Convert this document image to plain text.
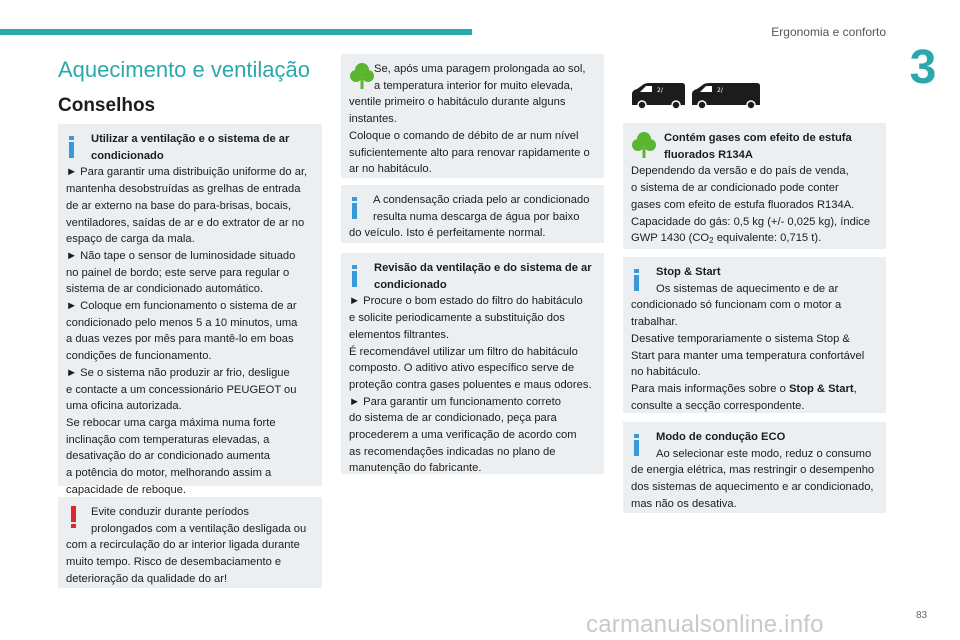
Ergonomia e conforto
3
Aquecimento e ventilação
Conselhos

Utilizar a ventilação e o sistema de ar condicionado

► Para garantir uma distribuição uniforme do ar,

mantenha desobstruídas as grelhas de entrada

de ar externo na base do para-brisas, bocais,

ventiladores, saídas de ar e do extrator de ar no

espaço de carga da mala.

► Não tape o sensor de luminosidade situado

no painel de bordo; este serve para regular o

sistema de ar condicionado automático.

► Coloque em funcionamento o sistema de ar

condicionado pelo menos 5 a 10 minutos, uma

a duas vezes por mês para mantê-lo em boas

condições de funcionamento.

► Se o sistema não produzir ar frio, desligue

e contacte a um concessionário PEUGEOT ou

uma oficina autorizada.

Se rebocar uma carga máxima numa forte

inclinação com temperaturas elevadas, a

desativação do ar condicionado aumenta

a potência do motor, melhorando assim a

capacidade de reboque.

Evite conduzir durante períodos

prolongados com a ventilação desligada ou

com a recirculação do ar interior ligada durante

muito tempo. Risco de desembaciamento e

deterioração da qualidade do ar!

Se, após uma paragem prolongada ao sol,

a temperatura interior for muito elevada,

ventile primeiro o habitáculo durante alguns

instantes.

Coloque o comando de débito de ar num nível

suficientemente alto para renovar rapidamente o

ar no habitáculo.

A condensação criada pelo ar condicionado

resulta numa descarga de água por baixo

do veículo. Isto é perfeitamente normal.

Revisão da ventilação e do sistema de ar condicionado

► Procure o bom estado do filtro do habitáculo

e solicite periodicamente a substituição dos

elementos filtrantes.

É recomendável utilizar um filtro do habitáculo

composto. O aditivo ativo específico serve de

proteção contra gases poluentes e maus odores.

► Para garantir um funcionamento correto

do sistema de ar condicionado, peça para

procederem a uma verificação de acordo com

as recomendações indicadas no plano de

manutenção do fabricante.

2/	2/

Contém gases com efeito de estufa fluorados R134A

Dependendo da versão e do país de venda,

o sistema de ar condicionado pode conter

gases com efeito de estufa fluorados R134A.

Capacidade do gás: 0,5 kg (+/- 0,025 kg), índice

GWP 1430 ($CO_2$ equivalente: 0,715 t).

Stop & Start

Os sistemas de aquecimento e de ar

condicionado só funcionam com o motor a

trabalhar.

Desative temporariamente o sistema Stop &

Start para manter uma temperatura confortável

no habitáculo.

Para mais informações sobre o Stop & Start,

consulte a secção correspondente.

Modo de condução ECO

Ao selecionar este modo, reduz o consumo

de energia elétrica, mas restringir o desempenho

dos sistemas de aquecimento e ar condicionado,

mas não os desativa.

carmanualsonline.info	83
